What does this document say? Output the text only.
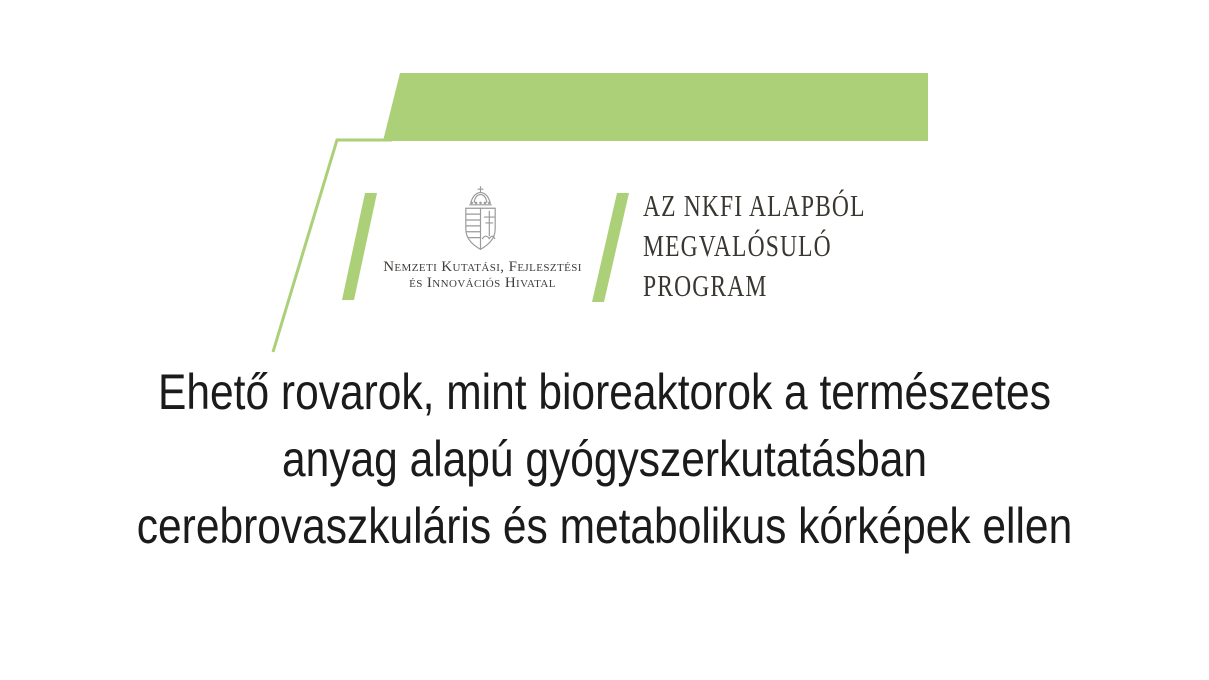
Nemzeti Kutatási, Fejlesztési
és Innovációs Hivatal
AZ NKFI ALAPBÓL
MEGVALÓSULÓ
PROGRAM
Ehető rovarok, mint bioreaktorok a természetes
anyag alapú gyógyszerkutatásban
cerebrovaszkuláris és metabolikus kórképek ellen
